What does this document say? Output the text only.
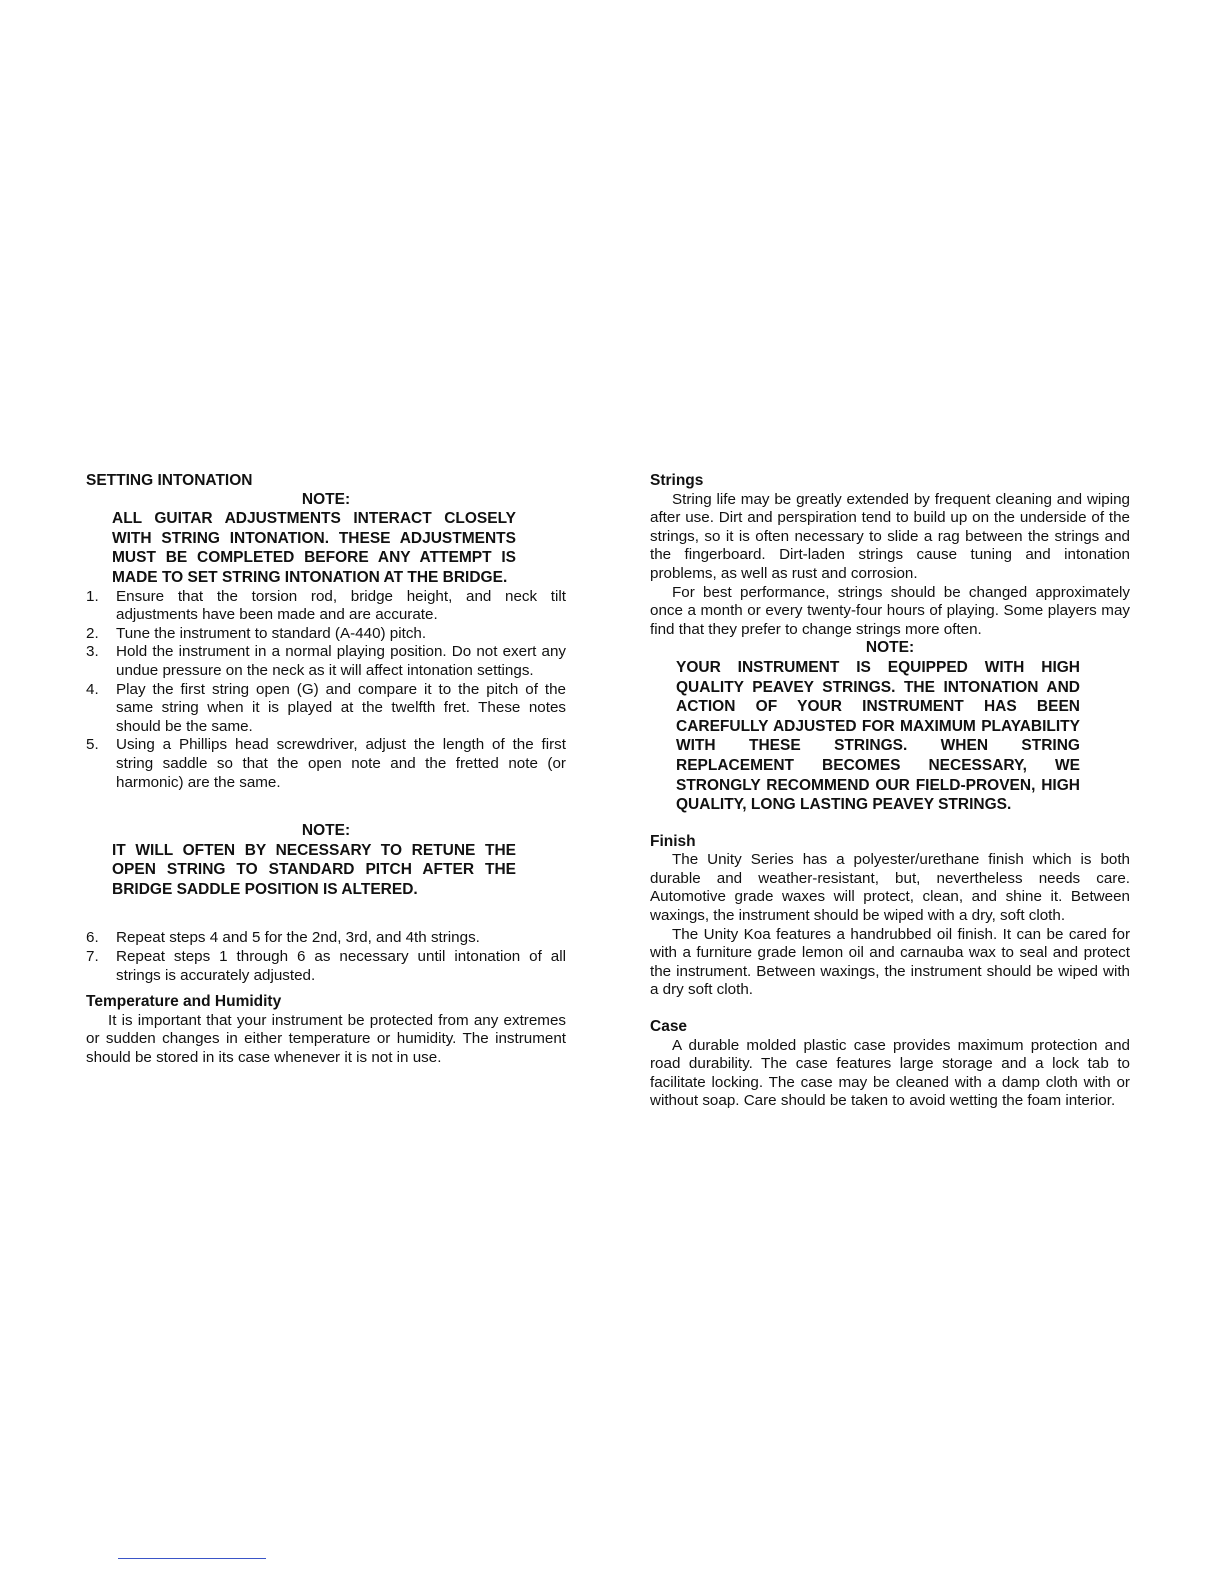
SETTING INTONATION

NOTE:

ALL GUITAR ADJUSTMENTS INTERACT CLOSELY WITH STRING INTONATION. THESE ADJUSTMENTS MUST BE COMPLETED BEFORE ANY ATTEMPT IS MADE TO SET STRING INTONATION AT THE BRIDGE.

1. Ensure that the torsion rod, bridge height, and neck tilt adjustments have been made and are accurate.
2. Tune the instrument to standard (A-440) pitch.
3. Hold the instrument in a normal playing position. Do not exert any undue pressure on the neck as it will affect intonation settings.
4. Play the first string open (G) and compare it to the pitch of the same string when it is played at the twelfth fret. These notes should be the same.
5. Using a Phillips head screwdriver, adjust the length of the first string saddle so that the open note and the fretted note (or harmonic) are the same.

NOTE:

IT WILL OFTEN BY NECESSARY TO RETUNE THE OPEN STRING TO STANDARD PITCH AFTER THE BRIDGE SADDLE POSITION IS ALTERED.

6. Repeat steps 4 and 5 for the 2nd, 3rd, and 4th strings.
7. Repeat steps 1 through 6 as necessary until intonation of all strings is accurately adjusted.

Temperature and Humidity

It is important that your instrument be protected from any extremes or sudden changes in either temperature or humidity. The instrument should be stored in its case whenever it is not in use.

Strings

String life may be greatly extended by frequent cleaning and wiping after use. Dirt and perspiration tend to build up on the underside of the strings, so it is often necessary to slide a rag between the strings and the fingerboard. Dirt-laden strings cause tuning and intonation problems, as well as rust and corrosion.

For best performance, strings should be changed approximately once a month or every twenty-four hours of playing. Some players may find that they prefer to change strings more often.

NOTE:

YOUR INSTRUMENT IS EQUIPPED WITH HIGH QUALITY PEAVEY STRINGS. THE INTONATION AND ACTION OF YOUR INSTRUMENT HAS BEEN CAREFULLY ADJUSTED FOR MAXIMUM PLAYABILITY WITH THESE STRINGS. WHEN STRING REPLACEMENT BECOMES NECESSARY, WE STRONGLY RECOMMEND OUR FIELD-PROVEN, HIGH QUALITY, LONG LASTING PEAVEY STRINGS.

Finish

The Unity Series has a polyester/urethane finish which is both durable and weather-resistant, but, nevertheless needs care. Automotive grade waxes will protect, clean, and shine it. Between waxings, the instrument should be wiped with a dry, soft cloth.

The Unity Koa features a handrubbed oil finish. It can be cared for with a furniture grade lemon oil and carnauba wax to seal and protect the instrument. Between waxings, the instrument should be wiped with a dry soft cloth.

Case

A durable molded plastic case provides maximum protection and road durability. The case features large storage and a lock tab to facilitate locking. The case may be cleaned with a damp cloth with or without soap. Care should be taken to avoid wetting the foam interior.
